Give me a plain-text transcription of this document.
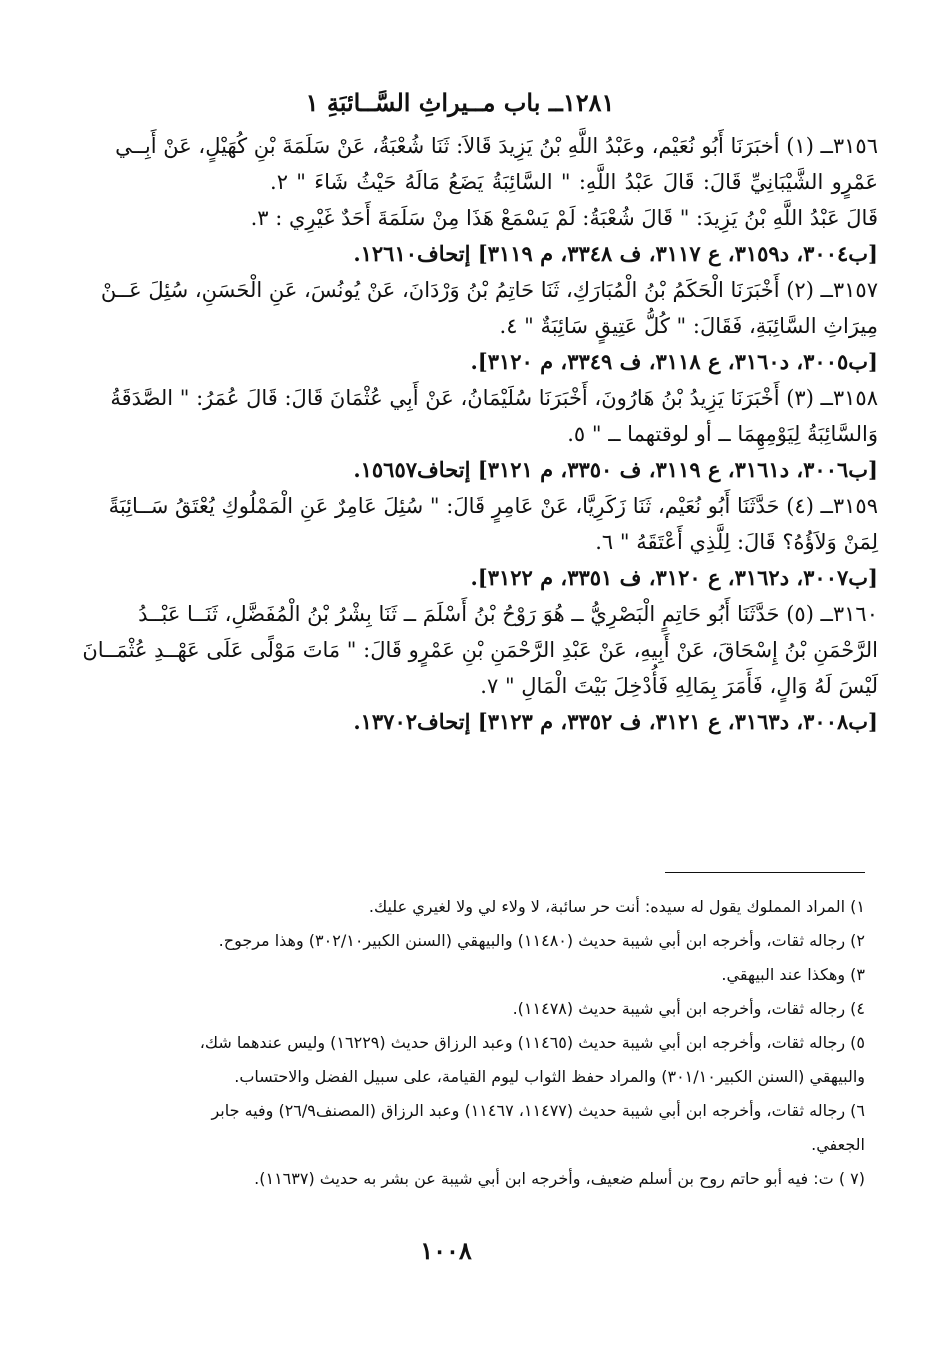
١٢٨١ــ باب مــيراثِ السَّــائبَةِ ١
٣١٥٦ــ (١) أخبَرَنَا أَبُو نُعَيْم، وعَبْدُ اللَّهِ بْنُ يَزِيدَ قَالاَ: ثَنَا شُعْبَةُ، عَنْ سَلَمَةَ بْنِ كُهَيْلٍ، عَنْ أَبِــي
عَمْرٍو الشَّيْبَانِيِّ قَالَ: قَالَ عَبْدُ اللَّهِ: " السَّائِبَةُ يَضَعُ مَالَهُ حَيْثُ شَاءَ " ٢.
قَالَ عَبْدُ اللَّهِ بْنُ يَزِيدَ: " قَالَ شُعْبَةُ: لَمْ يَسْمَعْ هَذَا مِنْ سَلَمَةَ أَحَدٌ غَيْرِي : ٣.
[ب٣٠٠٤، د٣١٥٩، ع ٣١١٧، ف ٣٣٤٨، م ٣١١٩] إتحاف١٢٦١٠.
٣١٥٧ــ (٢) أَخْبَرَنَا الْحَكَمُ بْنُ الْمُبَارَكِ، ثَنَا حَاتِمُ بْنُ وَرْدَانَ، عَنْ يُونُسَ، عَنِ الْحَسَنِ، سُئِلَ عَــنْ
مِيرَاثِ السَّائِبَةِ، فَقَالَ: " كُلُّ عَتِيقٍ سَائِبَةٌ " ٤.
[ب٣٠٠٥، د٣١٦٠، ع ٣١١٨، ف ٣٣٤٩، م ٣١٢٠].
٣١٥٨ــ (٣) أَخْبَرَنَا يَزِيدُ بْنُ هَارُونَ، أَخْبَرَنَا سُلَيْمَانُ، عَنْ أَبِي عُثْمَانَ قَالَ: قَالَ عُمَرُ: " الصَّدَقَةُ
وَالسَّائِبَةُ لِيَوْمِهِمَا ــ أو لوقتهما ــ " ٥.
[ب٣٠٠٦، د٣١٦١، ع ٣١١٩، ف ٣٣٥٠، م ٣١٢١] إتحاف١٥٦٥٧.
٣١٥٩ــ (٤) حَدَّثَنَا أَبُو نُعَيْم، ثَنَا زَكَرِيَّا، عَنْ عَامِرٍ قَالَ: " سُئِلَ عَامِرٌ عَنِ الْمَمْلُوكِ يُعْتَقُ سَــائِبَةً
لِمَنْ وَلاَؤُهُ؟ قَالَ: لِلَّذِي أَعْتَقَهُ " ٦.
[ب٣٠٠٧، د٣١٦٢، ع ٣١٢٠، ف ٣٣٥١، م ٣١٢٢].
٣١٦٠ــ (٥) حَدَّثَنَا أَبُو حَاتِمٍ الْبَصْرِيُّ ــ هُوَ رَوْحُ بْنُ أَسْلَمَ ــ ثَنَا بِشْرُ بْنُ الْمُفَضَّلِ، ثَنَــا عَبْــدُ
الرَّحْمَنِ بْنُ إِسْحَاقَ، عَنْ أَبِيهِ، عَنْ عَبْدِ الرَّحْمَنِ بْنِ عَمْرٍو قَالَ: " مَاتَ مَوْلًى عَلَى عَهْــدِ عُثْمَــانَ
لَيْسَ لَهُ وَالٍ، فَأَمَرَ بِمَالِهِ فَأُدْخِلَ بَيْتَ الْمَالِ " ٧.
[ب٣٠٠٨، د٣١٦٣، ع ٣١٢١، ف ٣٣٥٢، م ٣١٢٣] إتحاف١٣٧٠٢.
١) المراد المملوك يقول له سيده: أنت حر سائبة، لا ولاء لي ولا لغيري عليك.
٢) رجاله ثقات، وأخرجه ابن أبي شيبة حديث (١١٤٨٠) والبيهقي (السنن الكبير٣٠٢/١٠) وهذا مرجوح.
٣) وهكذا عند البيهقي.
٤) رجاله ثقات، وأخرجه ابن أبي شيبة حديث (١١٤٧٨).
٥) رجاله ثقات، وأخرجه ابن أبي شيبة حديث (١١٤٦٥) وعبد الرزاق حديث (١٦٢٢٩) وليس عندهما شك،
والبيهقي (السنن الكبير٣٠١/١٠) والمراد حفظ الثواب ليوم القيامة، على سبيل الفضل والاحتساب.
٦) رجاله ثقات، وأخرجه ابن أبي شيبة حديث (١١٤٧٧، ١١٤٦٧) وعبد الرزاق (المصنف٢٦/٩) وفيه جابر
الجعفي.
(٧ ) ت: فيه أبو حاتم روح بن أسلم ضعيف، وأخرجه ابن أبي شيبة عن بشر به حديث (١١٦٣٧).
١٠٠٨
